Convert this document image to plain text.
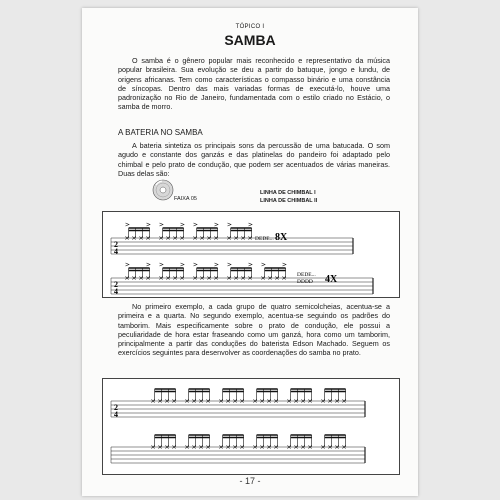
TÓPICO I
SAMBA

O samba é o gênero popular mais reconhecido e representativo da música popular brasileira. Sua evolução se deu a partir do batuque, jongo e lundu, de origens africanas. Tem como características o compasso binário e uma constância de síncopas. Dentro das mais variadas formas de executá-lo, houve uma padronização no Rio de Janeiro, fundamentada com o estilo criado no Estácio, o samba de morro.

A BATERIA NO SAMBA

A bateria sintetiza os principais sons da percussão de uma batucada. O som agudo e constante dos ganzás e das platinelas do pandeiro foi adaptado pelo chimbal e pelo prato de condução, que podem ser acentuados de várias maneiras. Duas delas são:

FAIXA 05
LINHA DE CHIMBAL I
LINHA DE CHIMBAL II
2
4
2
4
DEDE... 8X
DEDE...
DDDD 4X

No primeiro exemplo, a cada grupo de quatro semicolcheias, acentua-se a primeira e a quarta. No segundo exemplo, acentua-se seguindo os padrões do tamborim. Mais especificamente sobre o prato de condução, ele possui a peculiaridade de hora estar fraseando como um ganzá, hora como um tamborim, principalmente a partir das conduções do baterista Edson Machado. Seguem os exercícios seguintes para desenvolver as coordenações do samba no prato.

2
4
- 17 -
